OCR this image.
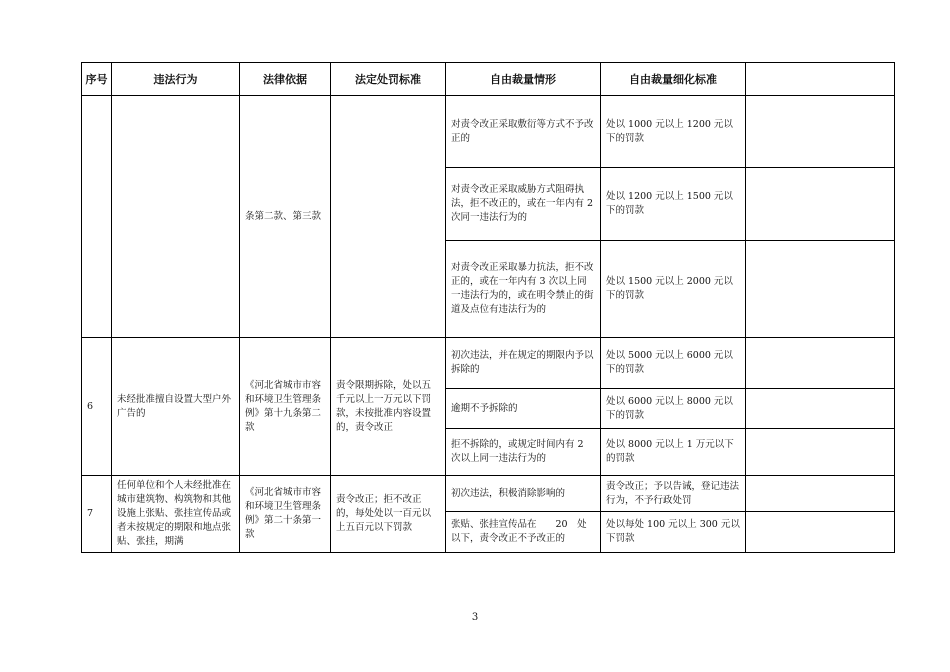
序号	违法行为	法律依据	法定处罚标准	自由裁量情形	自由裁量细化标准	
		条第二款、第三款		对责令改正采取敷衍等方式不予改正的	处以 1000 元以上 1200 元以下的罚款	
				对责令改正采取威胁方式阻碍执法，拒不改正的，或在一年内有 2 次同一违法行为的	处以 1200 元以上 1500 元以下的罚款	
				对责令改正采取暴力抗法，拒不改正的，或在一年内有 3 次以上同一违法行为的，或在明令禁止的街道及点位有违法行为的	处以 1500 元以上 2000 元以下的罚款	
6	未经批准擅自设置大型户外广告的	《河北省城市市容和环境卫生管理条例》第十九条第二款	责令限期拆除，处以五千元以上一万元以下罚款，未按批准内容设置的，责令改正	初次违法，并在规定的期限内予以拆除的	处以 5000 元以上 6000 元以下的罚款	
				逾期不予拆除的	处以 6000 元以上 8000 元以下的罚款	
				拒不拆除的，或规定时间内有 2 次以上同一违法行为的	处以 8000 元以上 1 万元以下的罚款	
7	任何单位和个人未经批准在城市建筑物、构筑物和其他设施上张贴、张挂宣传品或者未按规定的期限和地点张贴、张挂，期满	《河北省城市市容和环境卫生管理条例》第二十条第一款	责令改正；拒不改正的，每处处以一百元以上五百元以下罚款	初次违法，积极消除影响的	责令改正；予以告诫，登记违法行为，不予行政处罚	
				张贴、张挂宣传品在　　20　处以下，责令改正不予改正的	处以每处 100 元以上 300 元以下罚款	
3
